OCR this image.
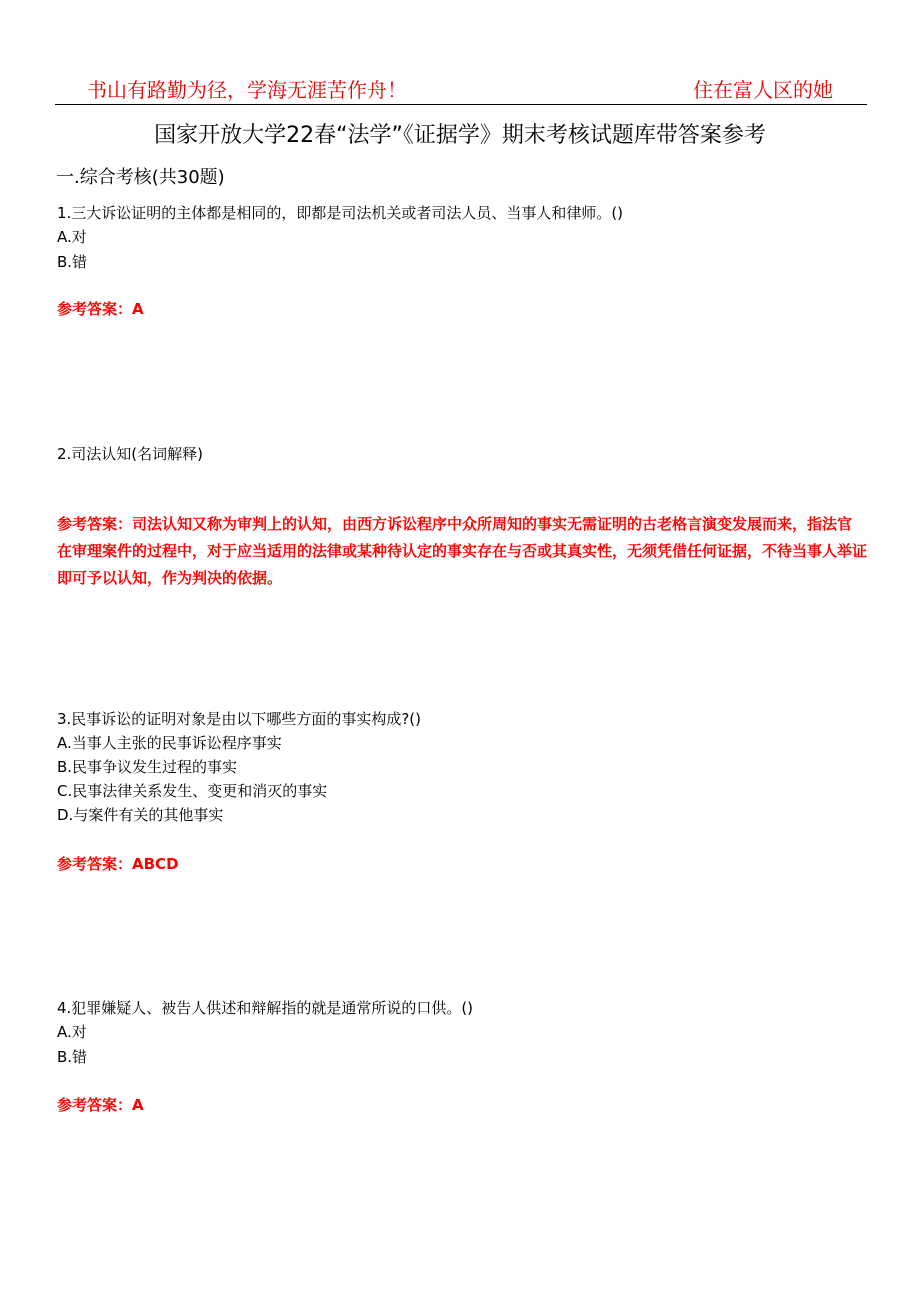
书山有路勤为径，学海无涯苦作舟！	住在富人区的她
国家开放大学22春“法学”《证据学》期末考核试题库带答案参考
一.综合考核(共30题)
1.三大诉讼证明的主体都是相同的，即都是司法机关或者司法人员、当事人和律师。()
A.对
B.错
参考答案：A
2.司法认知(名词解释)
参考答案：司法认知又称为审判上的认知，由西方诉讼程序中众所周知的事实无需证明的古老格言演变发展而来，指法官在审理案件的过程中，对于应当适用的法律或某种待认定的事实存在与否或其真实性，无须凭借任何证据，不待当事人举证即可予以认知，作为判决的依据。
3.民事诉讼的证明对象是由以下哪些方面的事实构成?()
A.当事人主张的民事诉讼程序事实
B.民事争议发生过程的事实
C.民事法律关系发生、变更和消灭的事实
D.与案件有关的其他事实
参考答案：ABCD
4.犯罪嫌疑人、被告人供述和辩解指的就是通常所说的口供。()
A.对
B.错
参考答案：A
